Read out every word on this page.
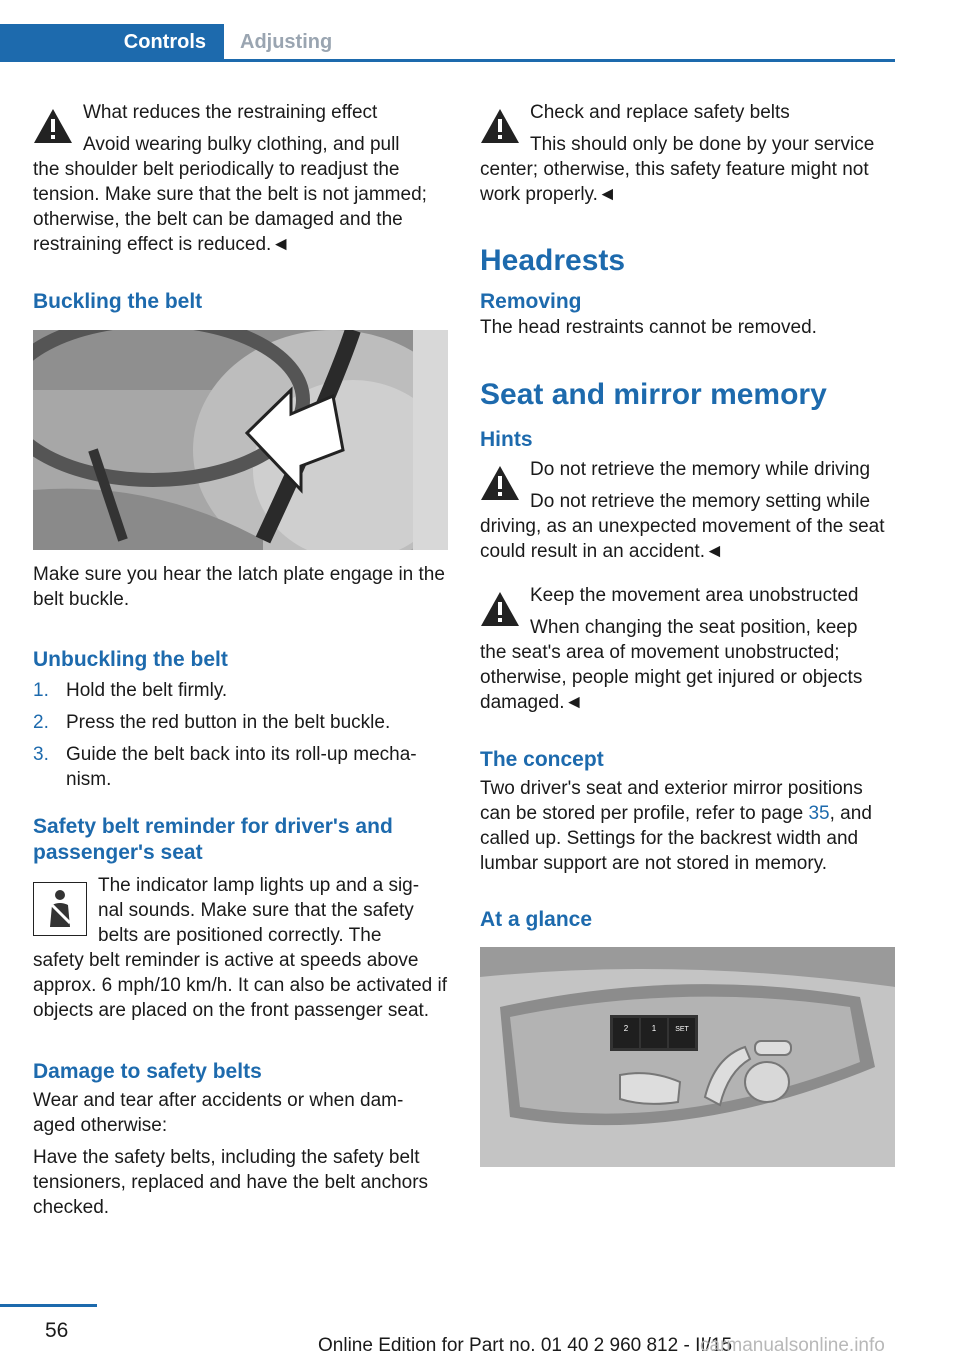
Controls	Adjusting

What reduces the restraining effect

Avoid wearing bulky clothing, and pull

the shoulder belt periodically to readjust the tension. Make sure that the belt is not jammed; otherwise, the belt can be damaged and the restraining effect is reduced.◄

Buckling the belt

Make sure you hear the latch plate engage in the belt buckle.

Unbuckling the belt
1. Hold the belt firmly.
2. Press the red button in the belt buckle.
3. Guide the belt back into its roll-up mecha‐ nism.
Safety belt reminder for driver's and passenger's seat

The indicator lamp lights up and a sig‐ nal sounds. Make sure that the safety belts are positioned correctly. The

safety belt reminder is active at speeds above approx. 6 mph/10 km/h. It can also be activated if objects are placed on the front passenger seat.

Damage to safety belts

Wear and tear after accidents or when dam‐ aged otherwise:

Have the safety belts, including the safety belt tensioners, replaced and have the belt anchors checked.

Check and replace safety belts

This should only be done by your service

center; otherwise, this safety feature might not work properly.◄

Headrests
Removing

The head restraints cannot be removed.

Seat and mirror memory
Hints

Do not retrieve the memory while driving

Do not retrieve the memory setting while

driving, as an unexpected movement of the seat could result in an accident.◄

Keep the movement area unobstructed

When changing the seat position, keep

the seat's area of movement unobstructed; otherwise, people might get injured or objects damaged.◄

The concept

Two driver's seat and exterior mirror positions can be stored per profile, refer to page 35, and called up. Settings for the backrest width and lumbar support are not stored in memory.

At a glance
2	1	SET
56
Online Edition for Part no. 01 40 2 960 812 - II/15
carmanualsonline.info
